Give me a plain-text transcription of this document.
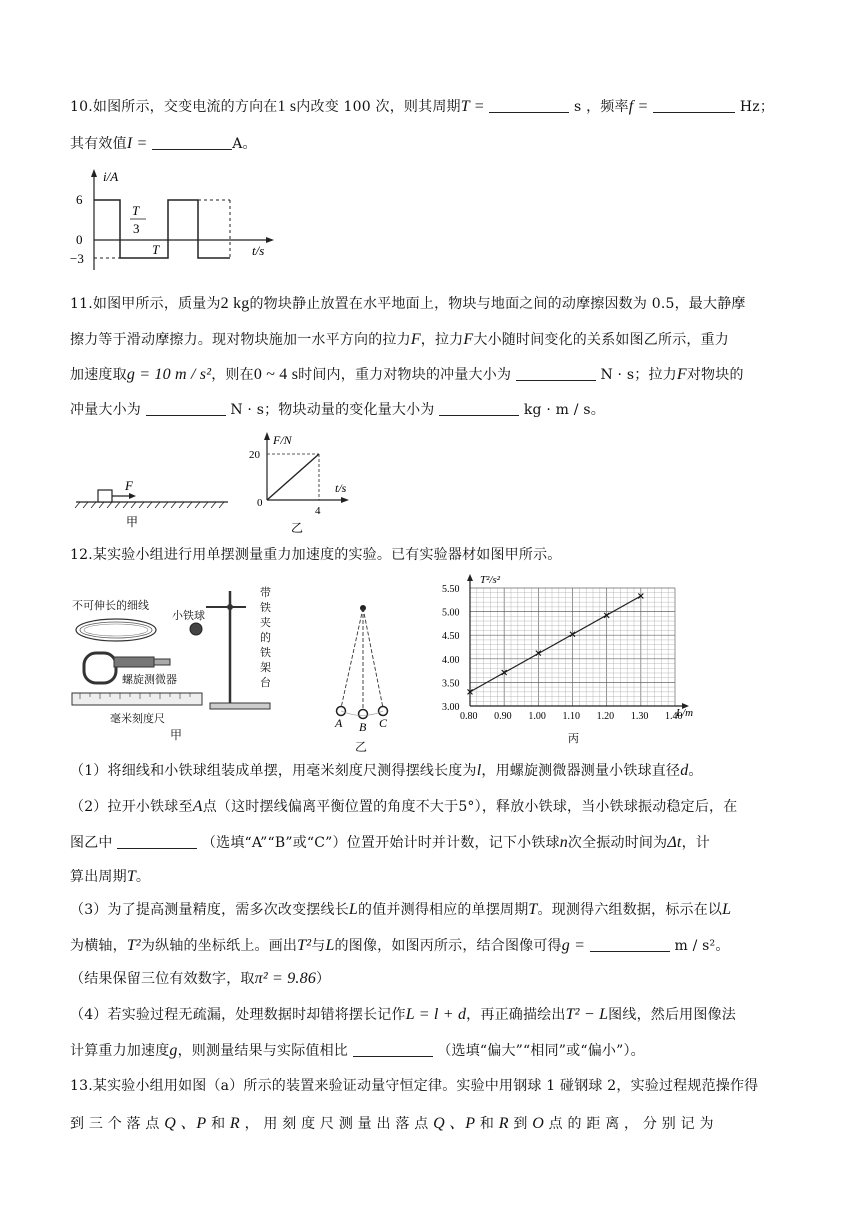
10.如图所示，交变电流的方向在1 s内改变 100 次，则其周期T =	s ，频率f =	Hz；
其有效值I =	A。
i/A
6
0
−3
T
3
T	t/s
11.如图甲所示，质量为2 kg的物块静止放置在水平地面上，物块与地面之间的动摩擦因数为 0.5，最大静摩
擦力等于滑动摩擦力。现对物块施加一水平方向的拉力F，拉力F大小随时间变化的关系如图乙所示，重力
加速度取g = 10 m / s²，则在0 ~ 4 s时间内，重力对物块的冲量大小为	N · s；拉力F对物块的
冲量大小为	N · s；物块动量的变化量大小为	kg · m / s。
F
甲
F/N
20
0
4
t/s
乙
12.某实验小组进行用单摆测量重力加速度的实验。已有实验器材如图甲所示。
不可伸长的细线
小铁球
螺旋测微器
毫米刻度尺
带铁夹的铁架台
甲
A B C
乙
0.80 0.90 1.00 1.10 1.20 1.30 1.40
3.00
3.50
4.00
4.50
5.00
5.50
T²/s²
L/m
丙
（1）将细线和小铁球组装成单摆，用毫米刻度尺测得摆线长度为l，用螺旋测微器测量小铁球直径d。
（2）拉开小铁球至A点（这时摆线偏离平衡位置的角度不大于5°），释放小铁球，当小铁球振动稳定后，在
图乙中	（选填“A”“B”或“C”）位置开始计时并计数，记下小铁球n次全振动时间为Δt，计
算出周期T。
（3）为了提高测量精度，需多次改变摆线长L的值并测得相应的单摆周期T。现测得六组数据，标示在以L
为横轴，T²为纵轴的坐标纸上。画出T²与L的图像，如图丙所示，结合图像可得g =	m / s²。
（结果保留三位有效数字，取π² = 9.86）
（4）若实验过程无疏漏，处理数据时却错将摆长记作L = l + d，再正确描绘出T² − L图线，然后用图像法
计算重力加速度g，则测量结果与实际值相比	（选填“偏大”“相同”或“偏小”）。
13.某实验小组用如图（a）所示的装置来验证动量守恒定律。实验中用钢球 1 碰钢球 2，实验过程规范操作得
到 三 个 落 点 Q 、P 和 R ， 用 刻 度 尺 测 量 出 落 点 Q 、P 和 R 到 O 点 的 距 离 ， 分 别 记 为
